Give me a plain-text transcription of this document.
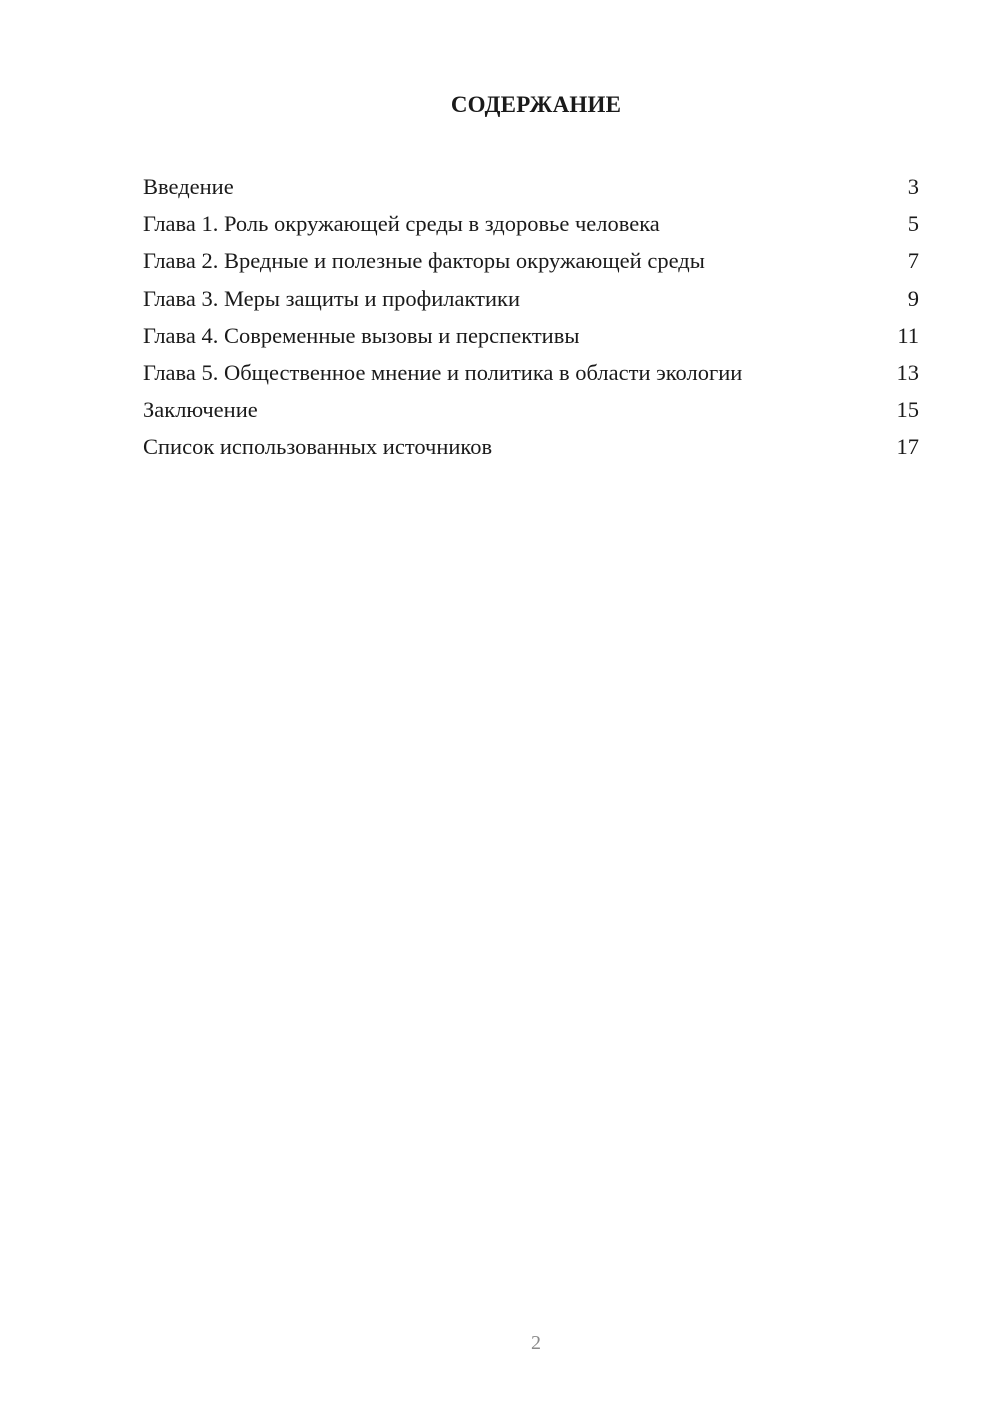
СОДЕРЖАНИЕ
Введение	3
Глава 1. Роль окружающей среды в здоровье человека	5
Глава 2. Вредные и полезные факторы окружающей среды	7
Глава 3. Меры защиты и профилактики	9
Глава 4. Современные вызовы и перспективы	11
Глава 5. Общественное мнение и политика в области экологии	13
Заключение	15
Список использованных источников	17
2
